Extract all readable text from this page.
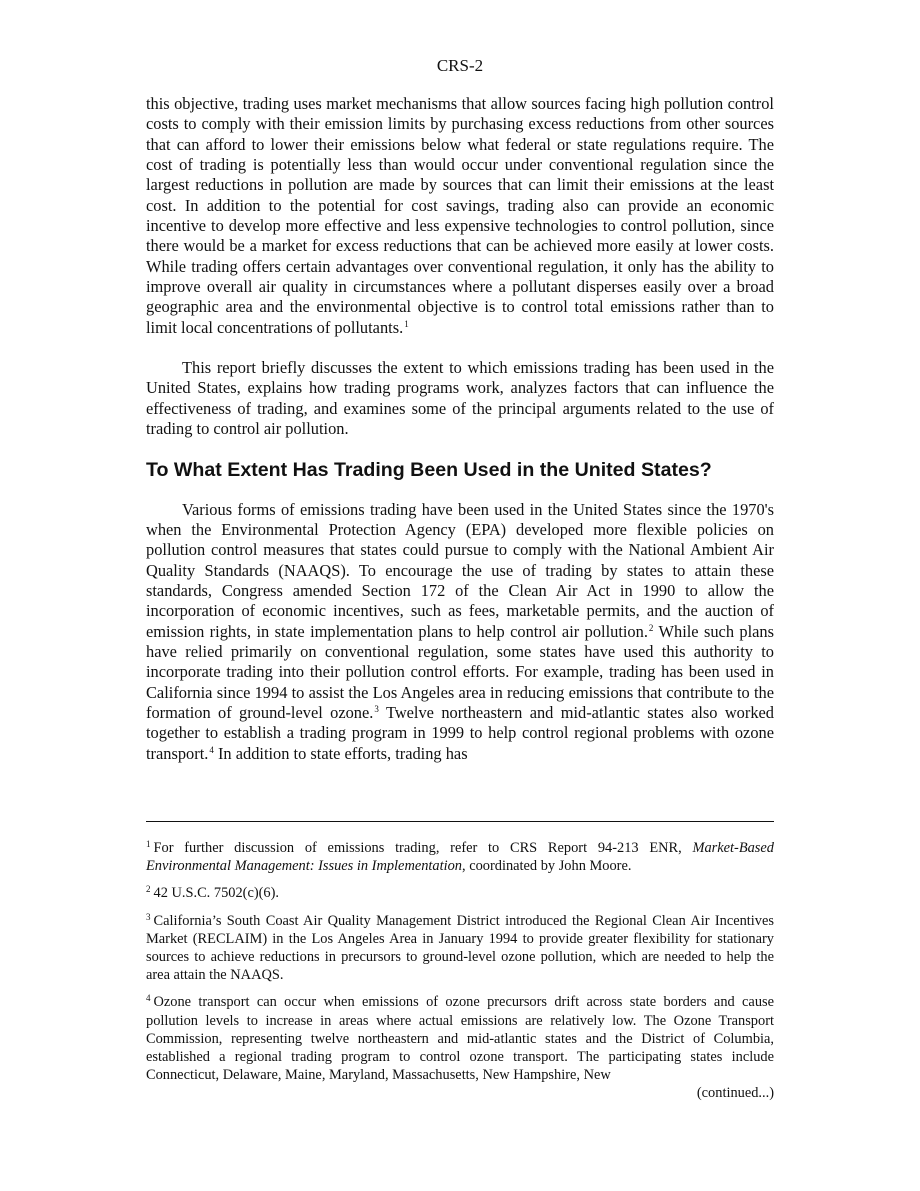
CRS-2

this objective, trading uses market mechanisms that allow sources facing high pollution control costs to comply with their emission limits by purchasing excess reductions from other sources that can afford to lower their emissions below what federal or state regulations require. The cost of trading is potentially less than would occur under conventional regulation since the largest reductions in pollution are made by sources that can limit their emissions at the least cost. In addition to the potential for cost savings, trading also can provide an economic incentive to develop more effective and less expensive technologies to control pollution, since there would be a market for excess reductions that can be achieved more easily at lower costs. While trading offers certain advantages over conventional regulation, it only has the ability to improve overall air quality in circumstances where a pollutant disperses easily over a broad geographic area and the environmental objective is to control total emissions rather than to limit local concentrations of pollutants.$^1$

This report briefly discusses the extent to which emissions trading has been used in the United States, explains how trading programs work, analyzes factors that can influence the effectiveness of trading, and examines some of the principal arguments related to the use of trading to control air pollution.

To What Extent Has Trading Been Used in the United States?

Various forms of emissions trading have been used in the United States since the 1970's when the Environmental Protection Agency (EPA) developed more flexible policies on pollution control measures that states could pursue to comply with the National Ambient Air Quality Standards (NAAQS). To encourage the use of trading by states to attain these standards, Congress amended Section 172 of the Clean Air Act in 1990 to allow the incorporation of economic incentives, such as fees, marketable permits, and the auction of emission rights, in state implementation plans to help control air pollution.$^2$ While such plans have relied primarily on conventional regulation, some states have used this authority to incorporate trading into their pollution control efforts. For example, trading has been used in California since 1994 to assist the Los Angeles area in reducing emissions that contribute to the formation of ground-level ozone.$^3$ Twelve northeastern and mid-atlantic states also worked together to establish a trading program in 1999 to help control regional problems with ozone transport.$^4$ In addition to state efforts, trading has

$^1$ For further discussion of emissions trading, refer to CRS Report 94-213 ENR, Market-Based Environmental Management: Issues in Implementation, coordinated by John Moore.

$^2$ 42 U.S.C. 7502(c)(6).

$^3$ California’s South Coast Air Quality Management District introduced the Regional Clean Air Incentives Market (RECLAIM) in the Los Angeles Area in January 1994 to provide greater flexibility for stationary sources to achieve reductions in precursors to ground-level ozone pollution, which are needed to help the area attain the NAAQS.

$^4$ Ozone transport can occur when emissions of ozone precursors drift across state borders and cause pollution levels to increase in areas where actual emissions are relatively low. The Ozone Transport Commission, representing twelve northeastern and mid-atlantic states and the District of Columbia, established a regional trading program to control ozone transport. The participating states include Connecticut, Delaware, Maine, Maryland, Massachusetts, New Hampshire, New

(continued...)
